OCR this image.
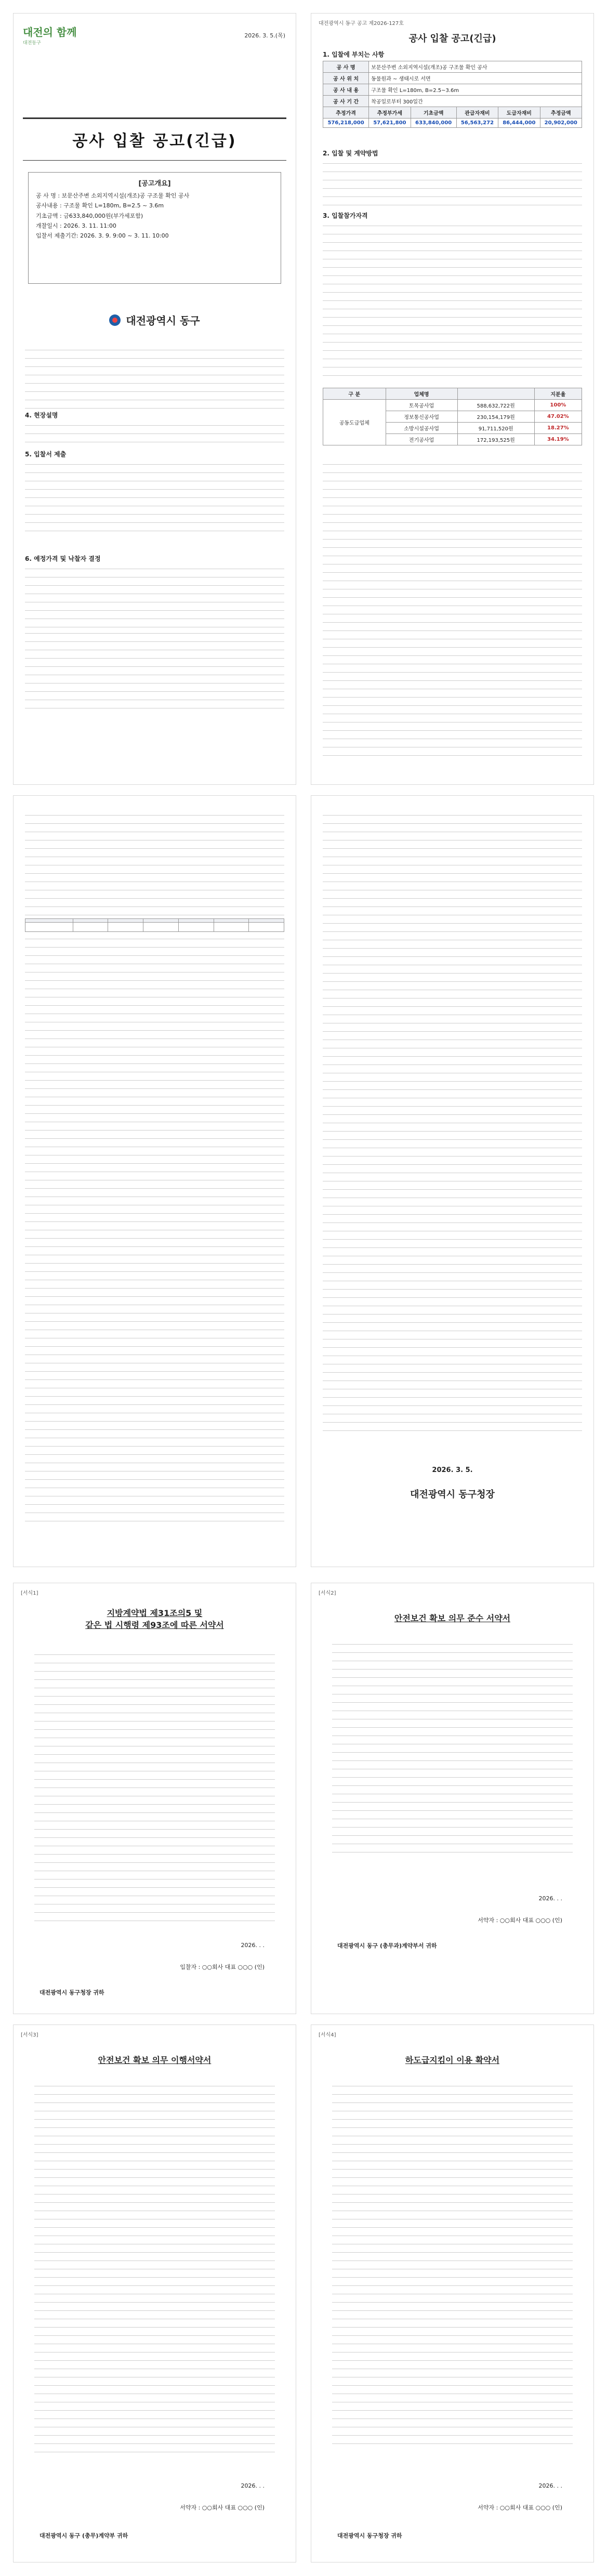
대전의 함께
대전동구
2026. 3. 5.(목)
공사 입찰 공고(긴급)
[공고개요]
공 사 명 : 보문산주변 소외지역시설(개조)공 구조물 확인 공사
공사내용 : 구조물 확인 L=180m, B=2.5 ~ 3.6m
기초금액 : 금633,840,000원(부가세포함)
개찰일시 : 2026. 3. 11. 11:00
입찰서 제출기간: 2026. 3. 9. 9:00 ~ 3. 11. 10:00
대전광역시 동구
4. 현장설명
5. 입찰서 제출
6. 예정가격 및 낙찰자 결정
대전광역시 동구 공고 제2026-127호
공사 입찰 공고(긴급)
1. 입찰에 부치는 사항
공 사 명	보문산주변 소외지역시설(개조)공 구조물 확인 공사				
공 사 위 치	동물원과 ~ 생태시로 서면				
공 사 내 용	구조물 확인 L=180m, B=2.5~3.6m				
공 사 기 간	착공일로부터 300일간				
추정가격	추정부가세	기초금액	관급자재비	도급자재비	추정금액
576,218,000	57,621,800	633,840,000	56,563,272	86,444,000	20,902,000
2. 입찰 및 계약방법
3. 입찰참가자격
구 분	업체명		지분율
공동도급업체	토목공사업	588,632,722원	100%
	정보통신공사업	230,154,179원	47.02%
	소방시설공사업	91,711,520원	18.27%
	전기공사업	172,193,525원	34.19%

2026. 3. 5.
대전광역시 동구청장
[서식1]

지방계약법 제31조의5 및

같은 법 시행령 제93조에 따른 서약서

2026. . .
입찰자 : ○○회사 대표 ○○○ (인)
대전광역시 동구청장 귀하
[서식2]

안전보건 확보 의무 준수 서약서

2026. . .
서약자 : ○○회사 대표 ○○○ (인)
대전광역시 동구 (총무과)계약부서 귀하
[서식3]

안전보건 확보 의무 이행서약서

2026. . .
서약자 : ○○회사 대표 ○○○ (인)
대전광역시 동구 (총무)계약부 귀하
[서식4]

하도급지킴이 이용 확약서

2026. . .
서약자 : ○○회사 대표 ○○○ (인)
대전광역시 동구청장 귀하
